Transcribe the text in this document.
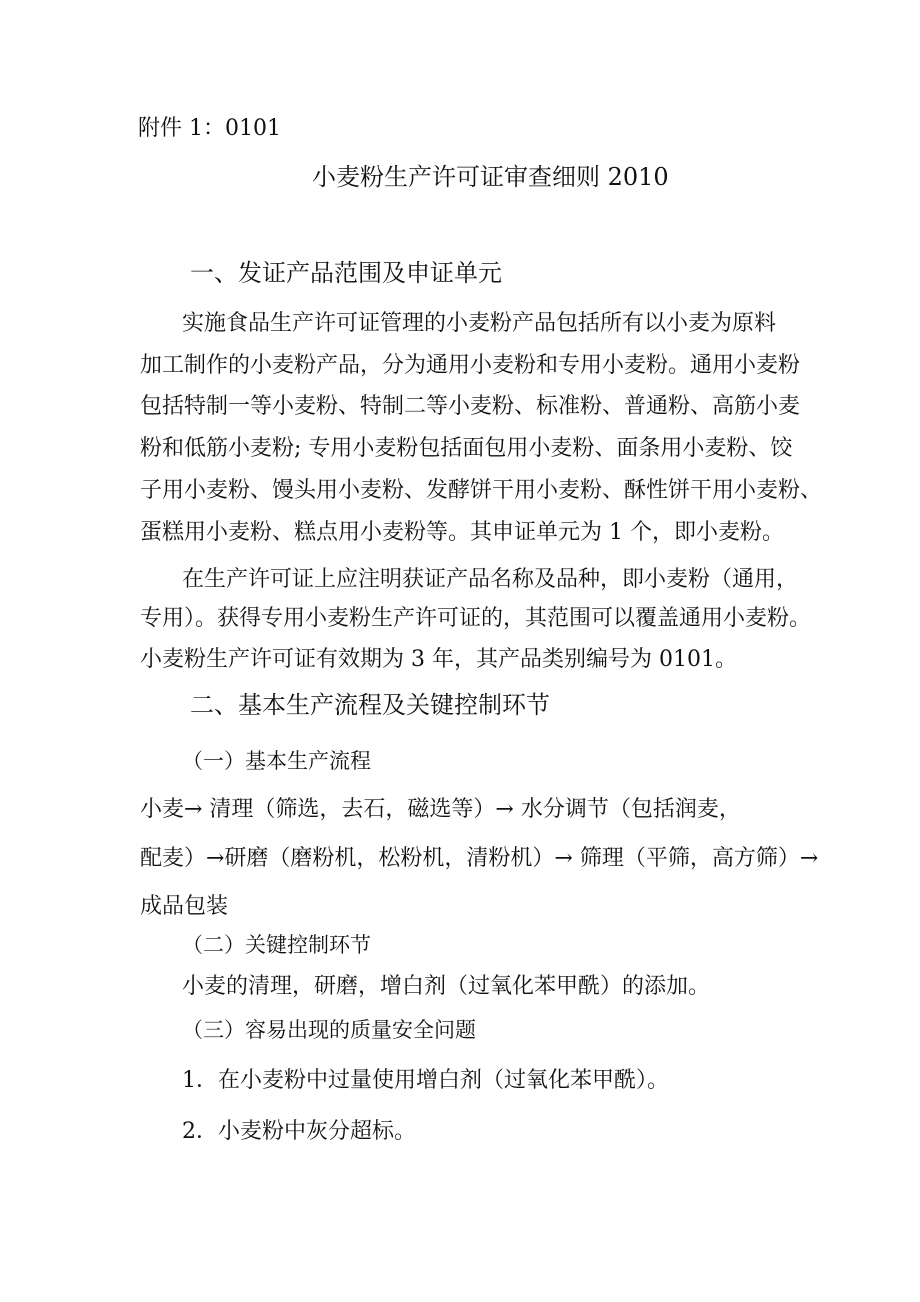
附件 1：0101
小麦粉生产许可证审查细则 2010
一、发证产品范围及申证单元
实施食品生产许可证管理的小麦粉产品包括所有以小麦为原料
加工制作的小麦粉产品，分为通用小麦粉和专用小麦粉。通用小麦粉
包括特制一等小麦粉、特制二等小麦粉、标准粉、普通粉、高筋小麦
粉和低筋小麦粉; 专用小麦粉包括面包用小麦粉、面条用小麦粉、饺
子用小麦粉、馒头用小麦粉、发酵饼干用小麦粉、酥性饼干用小麦粉、
蛋糕用小麦粉、糕点用小麦粉等。其申证单元为 1 个，即小麦粉。
在生产许可证上应注明获证产品名称及品种，即小麦粉（通用，
专用）。获得专用小麦粉生产许可证的，其范围可以覆盖通用小麦粉。
小麦粉生产许可证有效期为 3 年，其产品类别编号为 0101。
二、基本生产流程及关键控制环节
（一）基本生产流程
小麦→ 清理（筛选，去石，磁选等）→ 水分调节（包括润麦，
配麦）→研磨（磨粉机，松粉机，清粉机）→ 筛理（平筛，高方筛）→
成品包装
（二）关键控制环节
小麦的清理，研磨，增白剂（过氧化苯甲酰）的添加。
（三）容易出现的质量安全问题
1．在小麦粉中过量使用增白剂（过氧化苯甲酰）。
2．小麦粉中灰分超标。
